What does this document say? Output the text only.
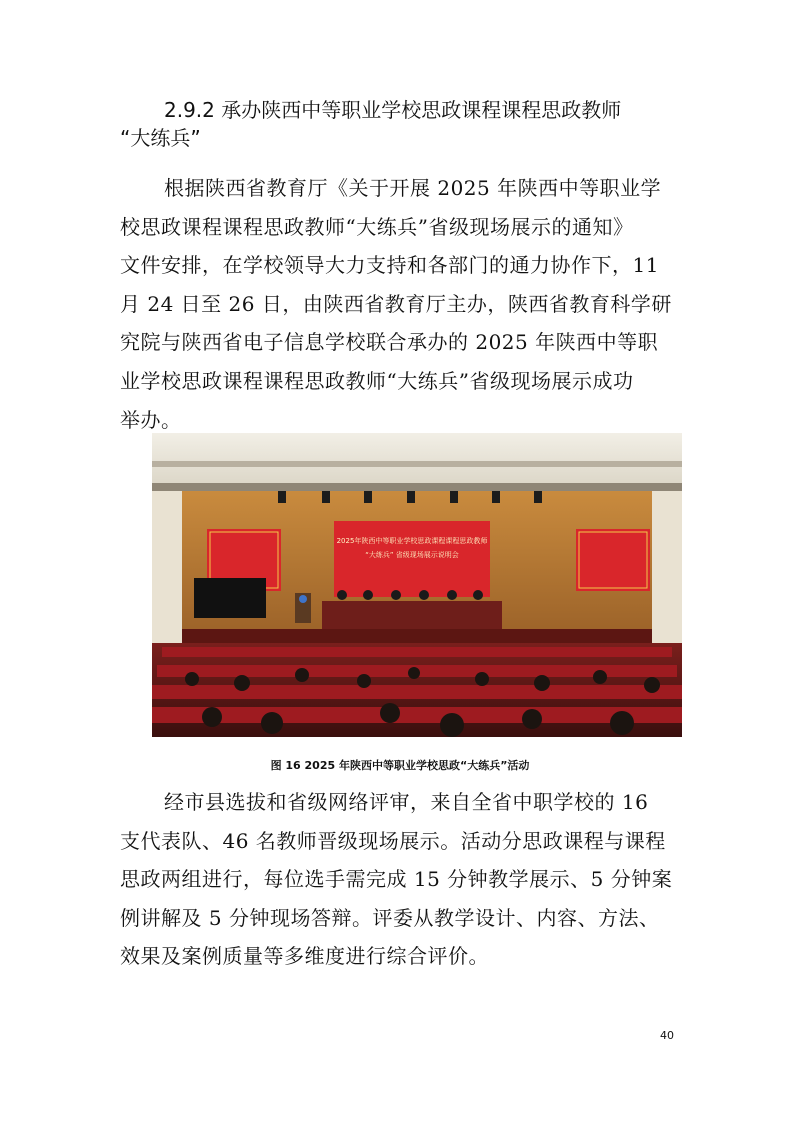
2.9.2 承办陕西中等职业学校思政课程课程思政教师
“大练兵”
根据陕西省教育厅《关于开展 2025 年陕西中等职业学
校思政课程课程思政教师“大练兵”省级现场展示的通知》
文件安排，在学校领导大力支持和各部门的通力协作下，11
月 24 日至 26 日，由陕西省教育厅主办，陕西省教育科学研
究院与陕西省电子信息学校联合承办的 2025 年陕西中等职
业学校思政课程课程思政教师“大练兵”省级现场展示成功
举办。
2025年陕西中等职业学校思政课程课程思政教师
“大练兵” 省级现场展示说明会
图 16 2025 年陕西中等职业学校思政“大练兵”活动
经市县选拔和省级网络评审，来自全省中职学校的 16
支代表队、46 名教师晋级现场展示。活动分思政课程与课程
思政两组进行，每位选手需完成 15 分钟教学展示、5 分钟案
例讲解及 5 分钟现场答辩。评委从教学设计、内容、方法、
效果及案例质量等多维度进行综合评价。
40
